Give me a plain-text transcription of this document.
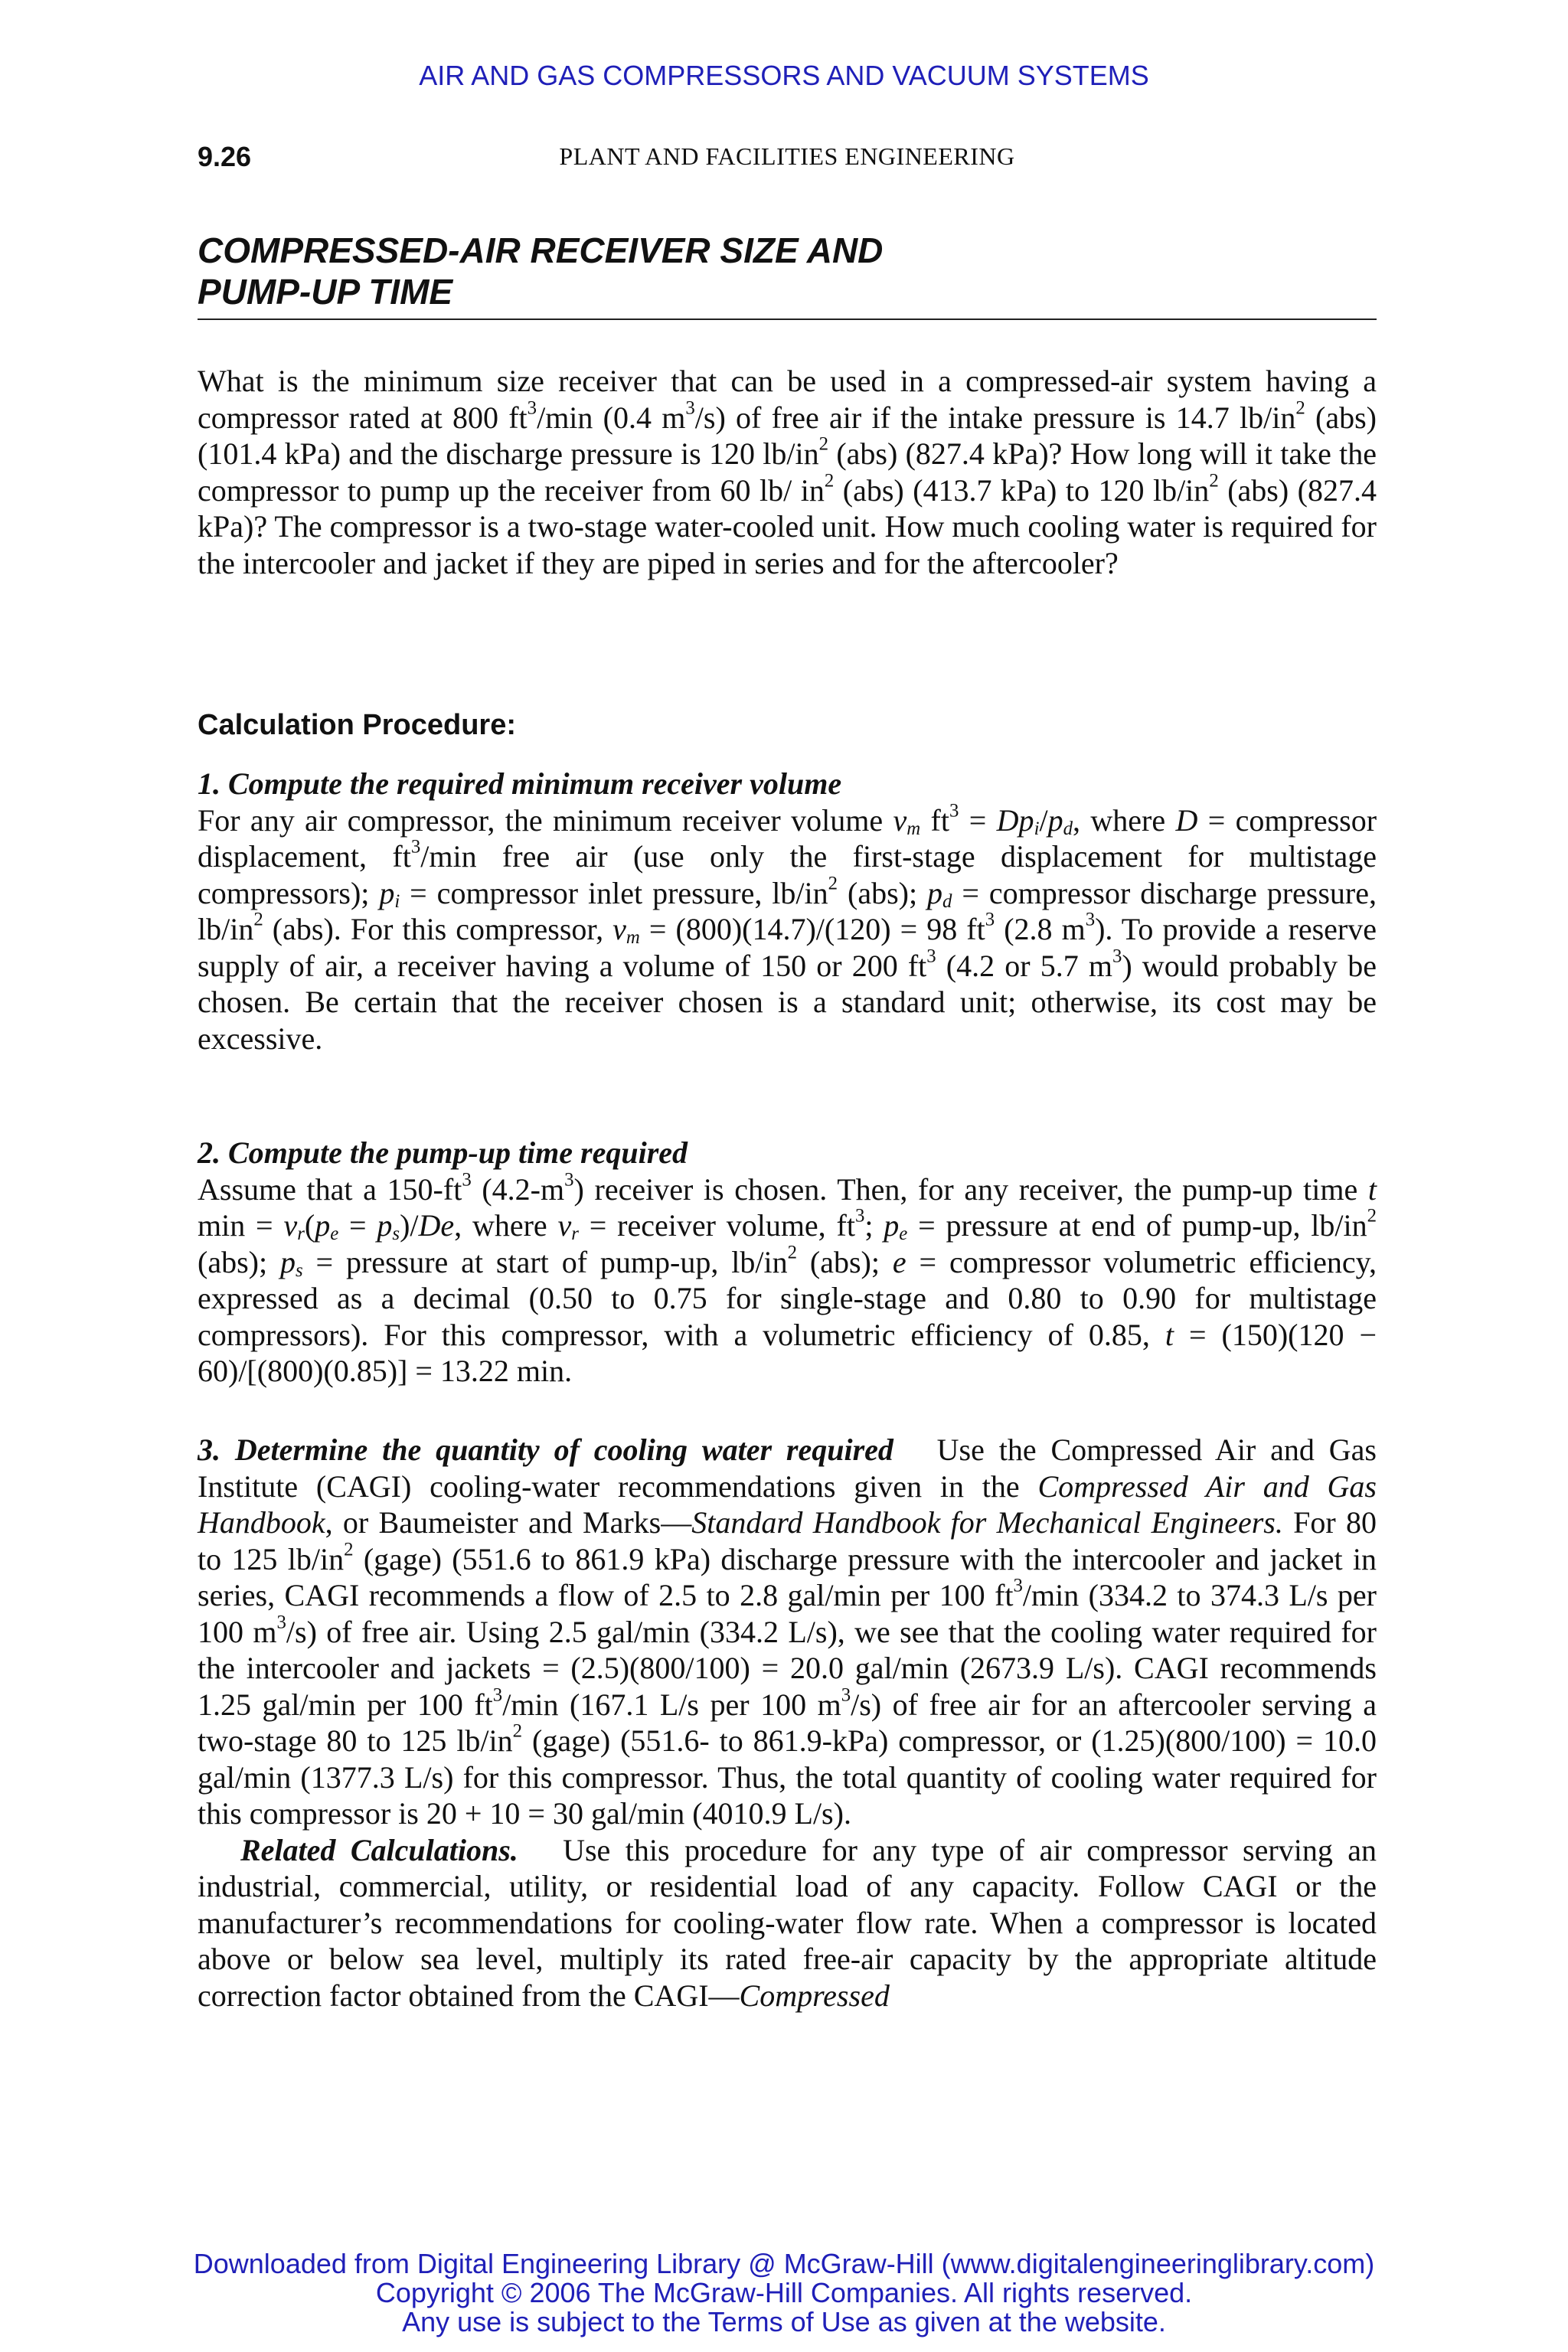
AIR AND GAS COMPRESSORS AND VACUUM SYSTEMS
PLANT AND FACILITIES ENGINEERING
9.26
COMPRESSED-AIR RECEIVER SIZE AND
PUMP-UP TIME

What is the minimum size receiver that can be used in a compressed-air system having a compressor rated at 800 $ft^3/\min$ (0.4 $m^3/s$) of free air if the intake pressure is 14.7 $lb/in^2$ (abs) (101.4 kPa) and the discharge pressure is 120 $lb/in^2$ (abs) (827.4 kPa)? How long will it take the compressor to pump up the receiver from 60 lb/ $in^2$ (abs) (413.7 kPa) to 120 $lb/in^2$ (abs) (827.4 kPa)? The compressor is a two-stage water-cooled unit. How much cooling water is required for the intercooler and jacket if they are piped in series and for the aftercooler?

Calculation Procedure:
1. Compute the required minimum receiver volume

For any air compressor, the minimum receiver volume $v_m$ $ft^3 = Dp_i/p_d$, where D = compressor displacement, $ft^3/\min$ free air (use only the first-stage displacement for multistage compressors); $p_i$ = compressor inlet pressure, $lb/in^2$ (abs); $p_d$ = compressor discharge pressure, $lb/in^2$ (abs). For this compressor, $v_m = (800)(14.7)/(120) = 98$ $ft^3$ (2.8 $m^3$). To provide a reserve supply of air, a receiver having a volume of 150 or 200 $ft^3$ (4.2 or 5.7 $m^3$) would probably be chosen. Be certain that the receiver chosen is a standard unit; otherwise, its cost may be excessive.

2. Compute the pump-up time required

Assume that a $150-ft^3$ $(4.2-m^3)$ receiver is chosen. Then, for any receiver, the pump-up time t $\min = v_r(p_e = p_s)/De$, where $v_r$ = receiver volume, $ft^3$; $p_e$ = pressure at end of pump-up, $lb/in^2$ (abs); $p_s$ = pressure at start of pump-up, $lb/in^2$ (abs); e = compressor volumetric efficiency, expressed as a decimal (0.50 to 0.75 for single-stage and 0.80 to 0.90 for multistage compressors). For this compressor, with a volumetric efficiency of 0.85, t = (150)(120 − 60)/[(800)(0.85)] = 13.22 min.

3. Determine the quantity of cooling water required   Use the Compressed Air and Gas Institute (CAGI) cooling-water recommendations given in the Compressed Air and Gas Handbook, or Baumeister and Marks—Standard Handbook for Mechanical Engineers. For 80 to 125 $lb/in^2$ (gage) (551.6 to 861.9 kPa) discharge pressure with the intercooler and jacket in series, CAGI recommends a flow of 2.5 to 2.8 gal/min per 100 $ft^3/\min$ (334.2 to 374.3 L/s per 100 $m^3/s$) of free air. Using 2.5 gal/min (334.2 L/s), we see that the cooling water required for the intercooler and jackets = (2.5)(800/100) = 20.0 gal/min (2673.9 L/s). CAGI recommends 1.25 gal/min per 100 $ft^3/\min$ (167.1 L/s per 100 $m^3/s$) of free air for an aftercooler serving a two-stage 80 to 125 $lb/in^2$ (gage) (551.6- to 861.9-kPa) compressor, or (1.25)(800/100) = 10.0 gal/min (1377.3 L/s) for this compressor. Thus, the total quantity of cooling water required for this compressor is 20 + 10 = 30 gal/min (4010.9 L/s).

Related Calculations.   Use this procedure for any type of air compressor serving an industrial, commercial, utility, or residential load of any capacity. Follow CAGI or the manufacturer’s recommendations for cooling-water flow rate. When a compressor is located above or below sea level, multiply its rated free-air capacity by the appropriate altitude correction factor obtained from the CAGI—Compressed

Downloaded from Digital Engineering Library @ McGraw-Hill (www.digitalengineeringlibrary.com)
Copyright © 2006 The McGraw-Hill Companies. All rights reserved.
Any use is subject to the Terms of Use as given at the website.
